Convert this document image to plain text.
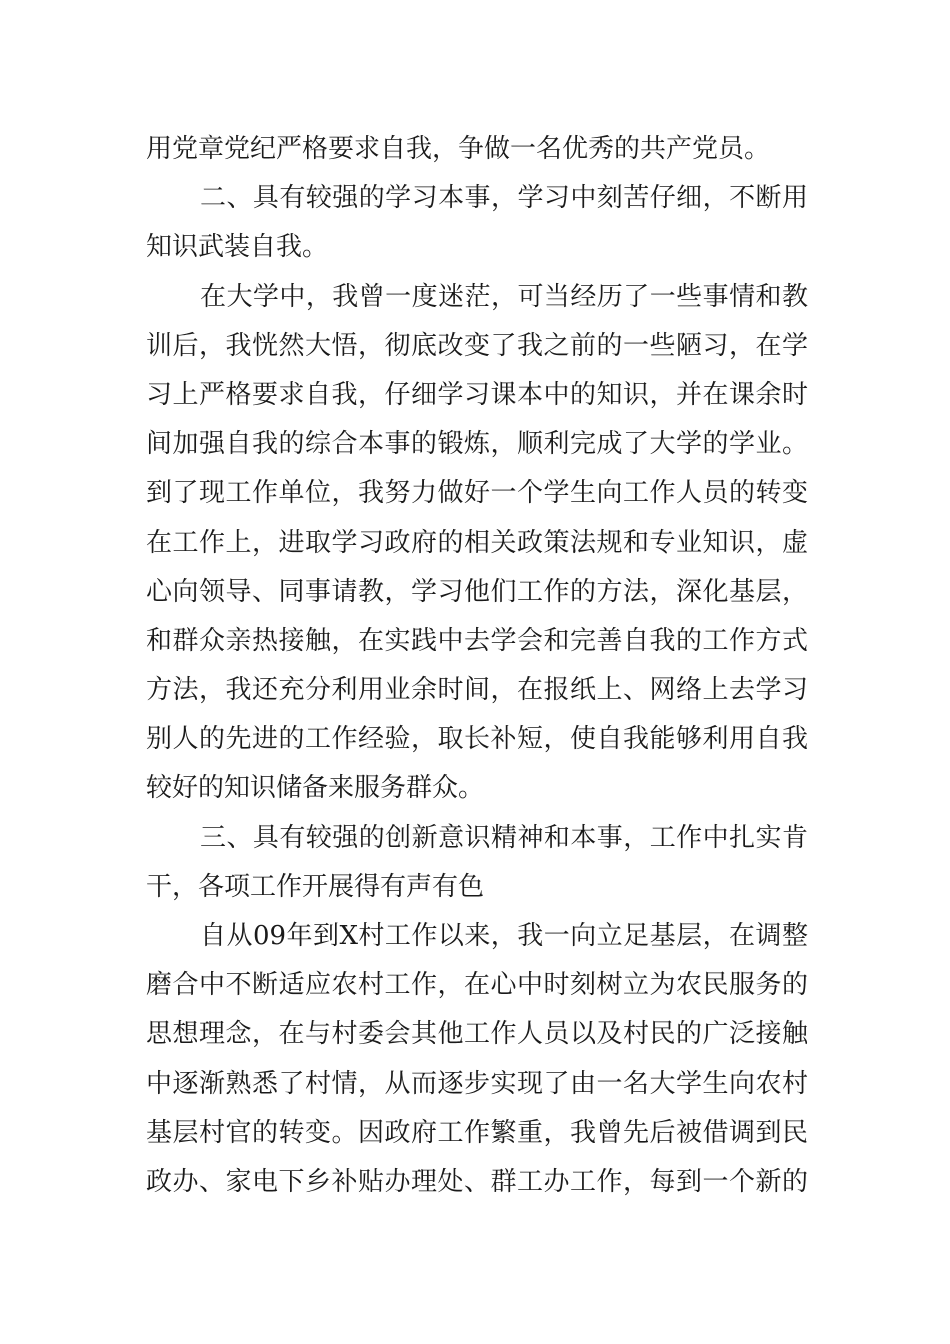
用党章党纪严格要求自我，争做一名优秀的共产党员。
二、具有较强的学习本事，学习中刻苦仔细，不断用
知识武装自我。
在大学中，我曾一度迷茫，可当经历了一些事情和教
训后，我恍然大悟，彻底改变了我之前的一些陋习，在学
习上严格要求自我，仔细学习课本中的知识，并在课余时
间加强自我的综合本事的锻炼，顺利完成了大学的学业。
到了现工作单位，我努力做好一个学生向工作人员的转变
在工作上，进取学习政府的相关政策法规和专业知识，虚
心向领导、同事请教，学习他们工作的方法，深化基层，
和群众亲热接触，在实践中去学会和完善自我的工作方式
方法，我还充分利用业余时间，在报纸上、网络上去学习
别人的先进的工作经验，取长补短，使自我能够利用自我
较好的知识储备来服务群众。
三、具有较强的创新意识精神和本事，工作中扎实肯
干，各项工作开展得有声有色
自从09年到X村工作以来，我一向立足基层，在调整
磨合中不断适应农村工作，在心中时刻树立为农民服务的
思想理念，在与村委会其他工作人员以及村民的广泛接触
中逐渐熟悉了村情，从而逐步实现了由一名大学生向农村
基层村官的转变。因政府工作繁重，我曾先后被借调到民
政办、家电下乡补贴办理处、群工办工作，每到一个新的
